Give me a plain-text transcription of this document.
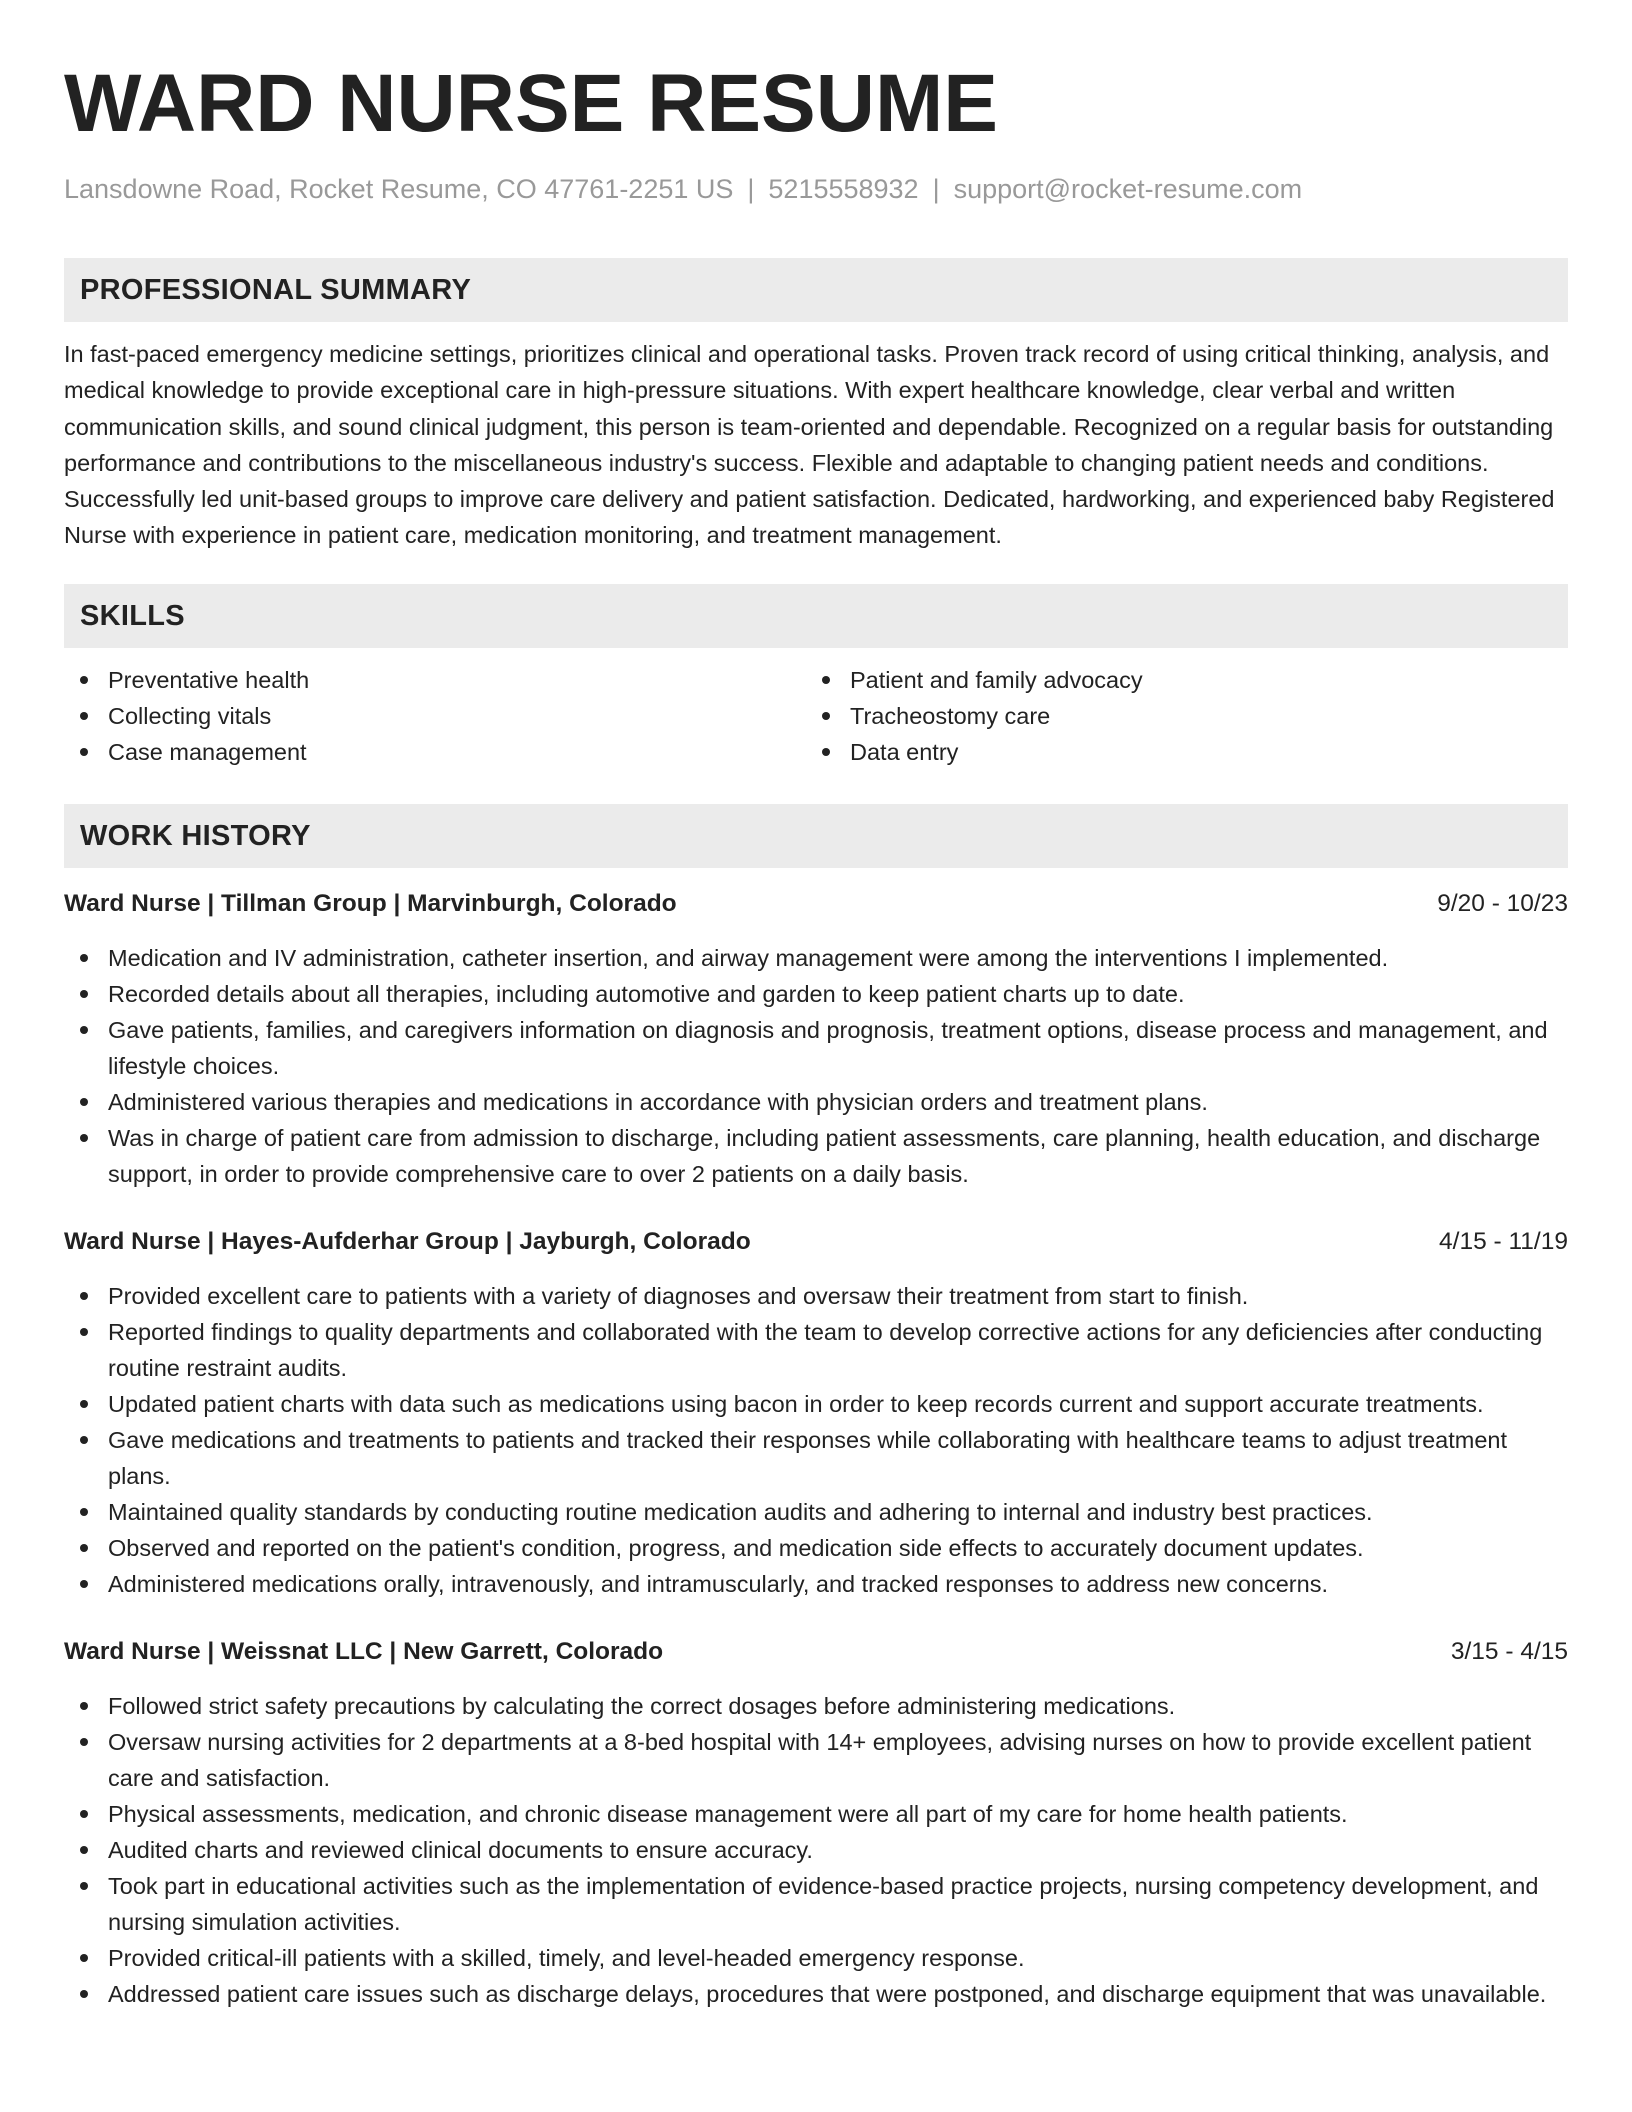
WARD NURSE RESUME
Lansdowne Road, Rocket Resume, CO 47761-2251 US | 5215558932 | support@rocket-resume.com
PROFESSIONAL SUMMARY

In fast-paced emergency medicine settings, prioritizes clinical and operational tasks. Proven track record of using critical thinking, analysis, and medical knowledge to provide exceptional care in high-pressure situations. With expert healthcare knowledge, clear verbal and written communication skills, and sound clinical judgment, this person is team-oriented and dependable. Recognized on a regular basis for outstanding performance and contributions to the miscellaneous industry's success. Flexible and adaptable to changing patient needs and conditions. Successfully led unit-based groups to improve care delivery and patient satisfaction. Dedicated, hardworking, and experienced baby Registered Nurse with experience in patient care, medication monitoring, and treatment management.

SKILLS
Preventative health
Collecting vitals
Case management
Patient and family advocacy
Tracheostomy care
Data entry
WORK HISTORY
Ward Nurse | Tillman Group | Marvinburgh, Colorado	9/20 - 10/23
Medication and IV administration, catheter insertion, and airway management were among the interventions I implemented.
Recorded details about all therapies, including automotive and garden to keep patient charts up to date.
Gave patients, families, and caregivers information on diagnosis and prognosis, treatment options, disease process and management, and lifestyle choices.
Administered various therapies and medications in accordance with physician orders and treatment plans.
Was in charge of patient care from admission to discharge, including patient assessments, care planning, health education, and discharge support, in order to provide comprehensive care to over 2 patients on a daily basis.
Ward Nurse | Hayes-Aufderhar Group | Jayburgh, Colorado	4/15 - 11/19
Provided excellent care to patients with a variety of diagnoses and oversaw their treatment from start to finish.
Reported findings to quality departments and collaborated with the team to develop corrective actions for any deficiencies after conducting routine restraint audits.
Updated patient charts with data such as medications using bacon in order to keep records current and support accurate treatments.
Gave medications and treatments to patients and tracked their responses while collaborating with healthcare teams to adjust treatment plans.
Maintained quality standards by conducting routine medication audits and adhering to internal and industry best practices.
Observed and reported on the patient's condition, progress, and medication side effects to accurately document updates.
Administered medications orally, intravenously, and intramuscularly, and tracked responses to address new concerns.
Ward Nurse | Weissnat LLC | New Garrett, Colorado	3/15 - 4/15
Followed strict safety precautions by calculating the correct dosages before administering medications.
Oversaw nursing activities for 2 departments at a 8-bed hospital with 14+ employees, advising nurses on how to provide excellent patient care and satisfaction.
Physical assessments, medication, and chronic disease management were all part of my care for home health patients.
Audited charts and reviewed clinical documents to ensure accuracy.
Took part in educational activities such as the implementation of evidence-based practice projects, nursing competency development, and nursing simulation activities.
Provided critical-ill patients with a skilled, timely, and level-headed emergency response.
Addressed patient care issues such as discharge delays, procedures that were postponed, and discharge equipment that was unavailable.
